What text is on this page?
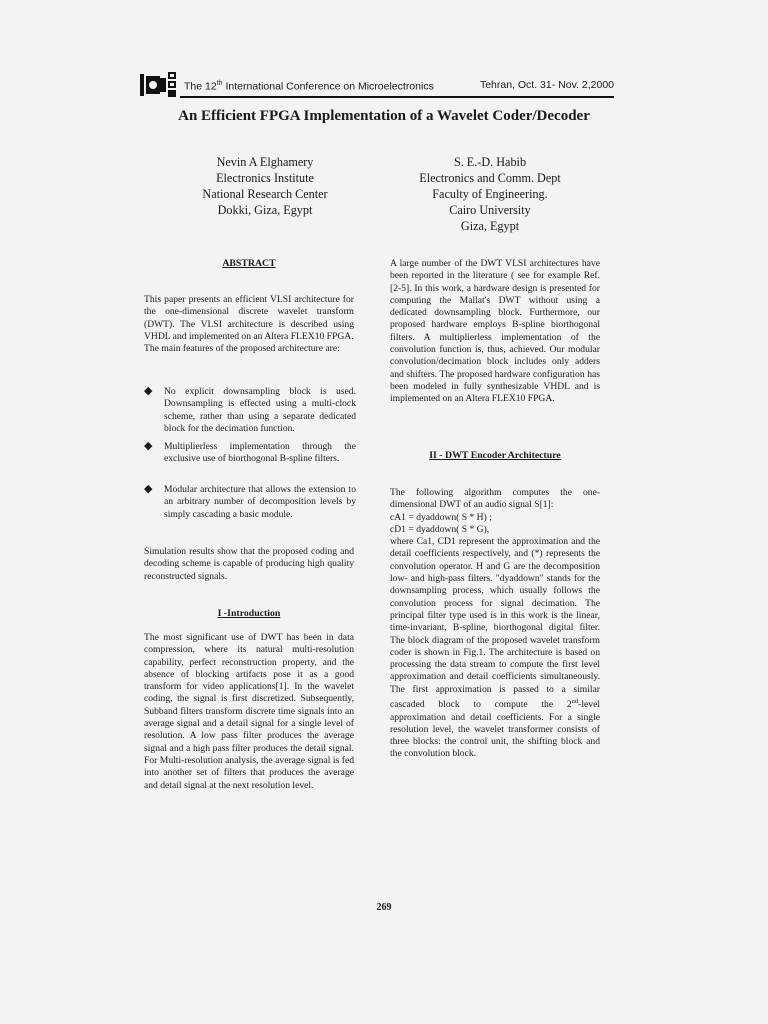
The 12th International Conference on Microelectronics	Tehran, Oct. 31- Nov. 2,2000
An Efficient FPGA Implementation of a Wavelet Coder/Decoder
Nevin A Elghamery
Electronics Institute
National Research Center
Dokki, Giza, Egypt
S. E.-D. Habib
Electronics and Comm. Dept
Faculty of Engineering.
Cairo University
Giza, Egypt
ABSTRACT

This paper presents an efficient VLSI architecture for the one-dimensional discrete wavelet transform (DWT). The VLSI architecture is described using VHDL and implemented on an Altera FLEX10 FPGA.

The main features of the proposed architecture are:

◆ No explicit downsampling block is used. Downsampling is effected using a multi-clock scheme, rather than using a separate dedicated block for the decimation function.

◆ Multiplierless implementation through the exclusive use of biorthogonal B-spline filters.

◆ Modular architecture that allows the extension to an arbitrary number of decomposition levels by simply cascading a basic module.

Simulation results show that the proposed coding and decoding scheme is capable of producing high quality reconstructed signals.
I -Introduction
The most significant use of DWT has been in data compression, where its natural multi-resolution capability, perfect reconstruction property, and the absence of blocking artifacts pose it as a good transform for video applications[1]. In the wavelet coding, the signal is first discretized. Subsequently, Subband filters transform discrete time signals into an average signal and a detail signal for a single level of resolution. A low pass filter produces the average signal and a high pass filter produces the detail signal. For Multi-resolution analysis, the average signal is fed into another set of filters that produces the average and detail signal at the next resolution level.
A large number of the DWT VLSI architectures have been reported in the literature ( see for example Ref. [2-5]. In this work, a hardware design is presented for computing the Mallat's DWT without using a dedicated downsampling block. Furthermore, our proposed hardware employs B-spline biorthogonal filters. A multiplierless implementation of the convolution function is, thus, achieved. Our modular convolution/decimation block includes only adders and shifters. The proposed hardware configuration has been modeled in fully synthesizable VHDL and is implemented on an Altera FLEX10 FPGA.
II - DWT Encoder Architecture

The following algorithm computes the one-dimensional DWT of an audio signal S[1]:

cA1 = dyaddown( S * H) ;

cD1 = dyaddown( S * G),

where Ca1, CD1 represent the approximation and the detail coefficients respectively, and (*) represents the convolution operator. H and G are the decomposition low- and high-pass filters. "dyaddown" stands for the downsampling process, which usually follows the convolution process for signal decimation. The principal filter type used is in this work is the linear, time-invariant, B-spline, biorthogonal digital filter. The block diagram of the proposed wavelet transform coder is shown in Fig.1. The architecture is based on processing the data stream to compute the first level approximation and detail coefficients simultaneously. The first approximation is passed to a similar cascaded block to compute the 2nd-level approximation and detail coefficients. For a single resolution level, the wavelet transformer consists of three blocks: the control unit, the shifting block and the convolution block.

269
